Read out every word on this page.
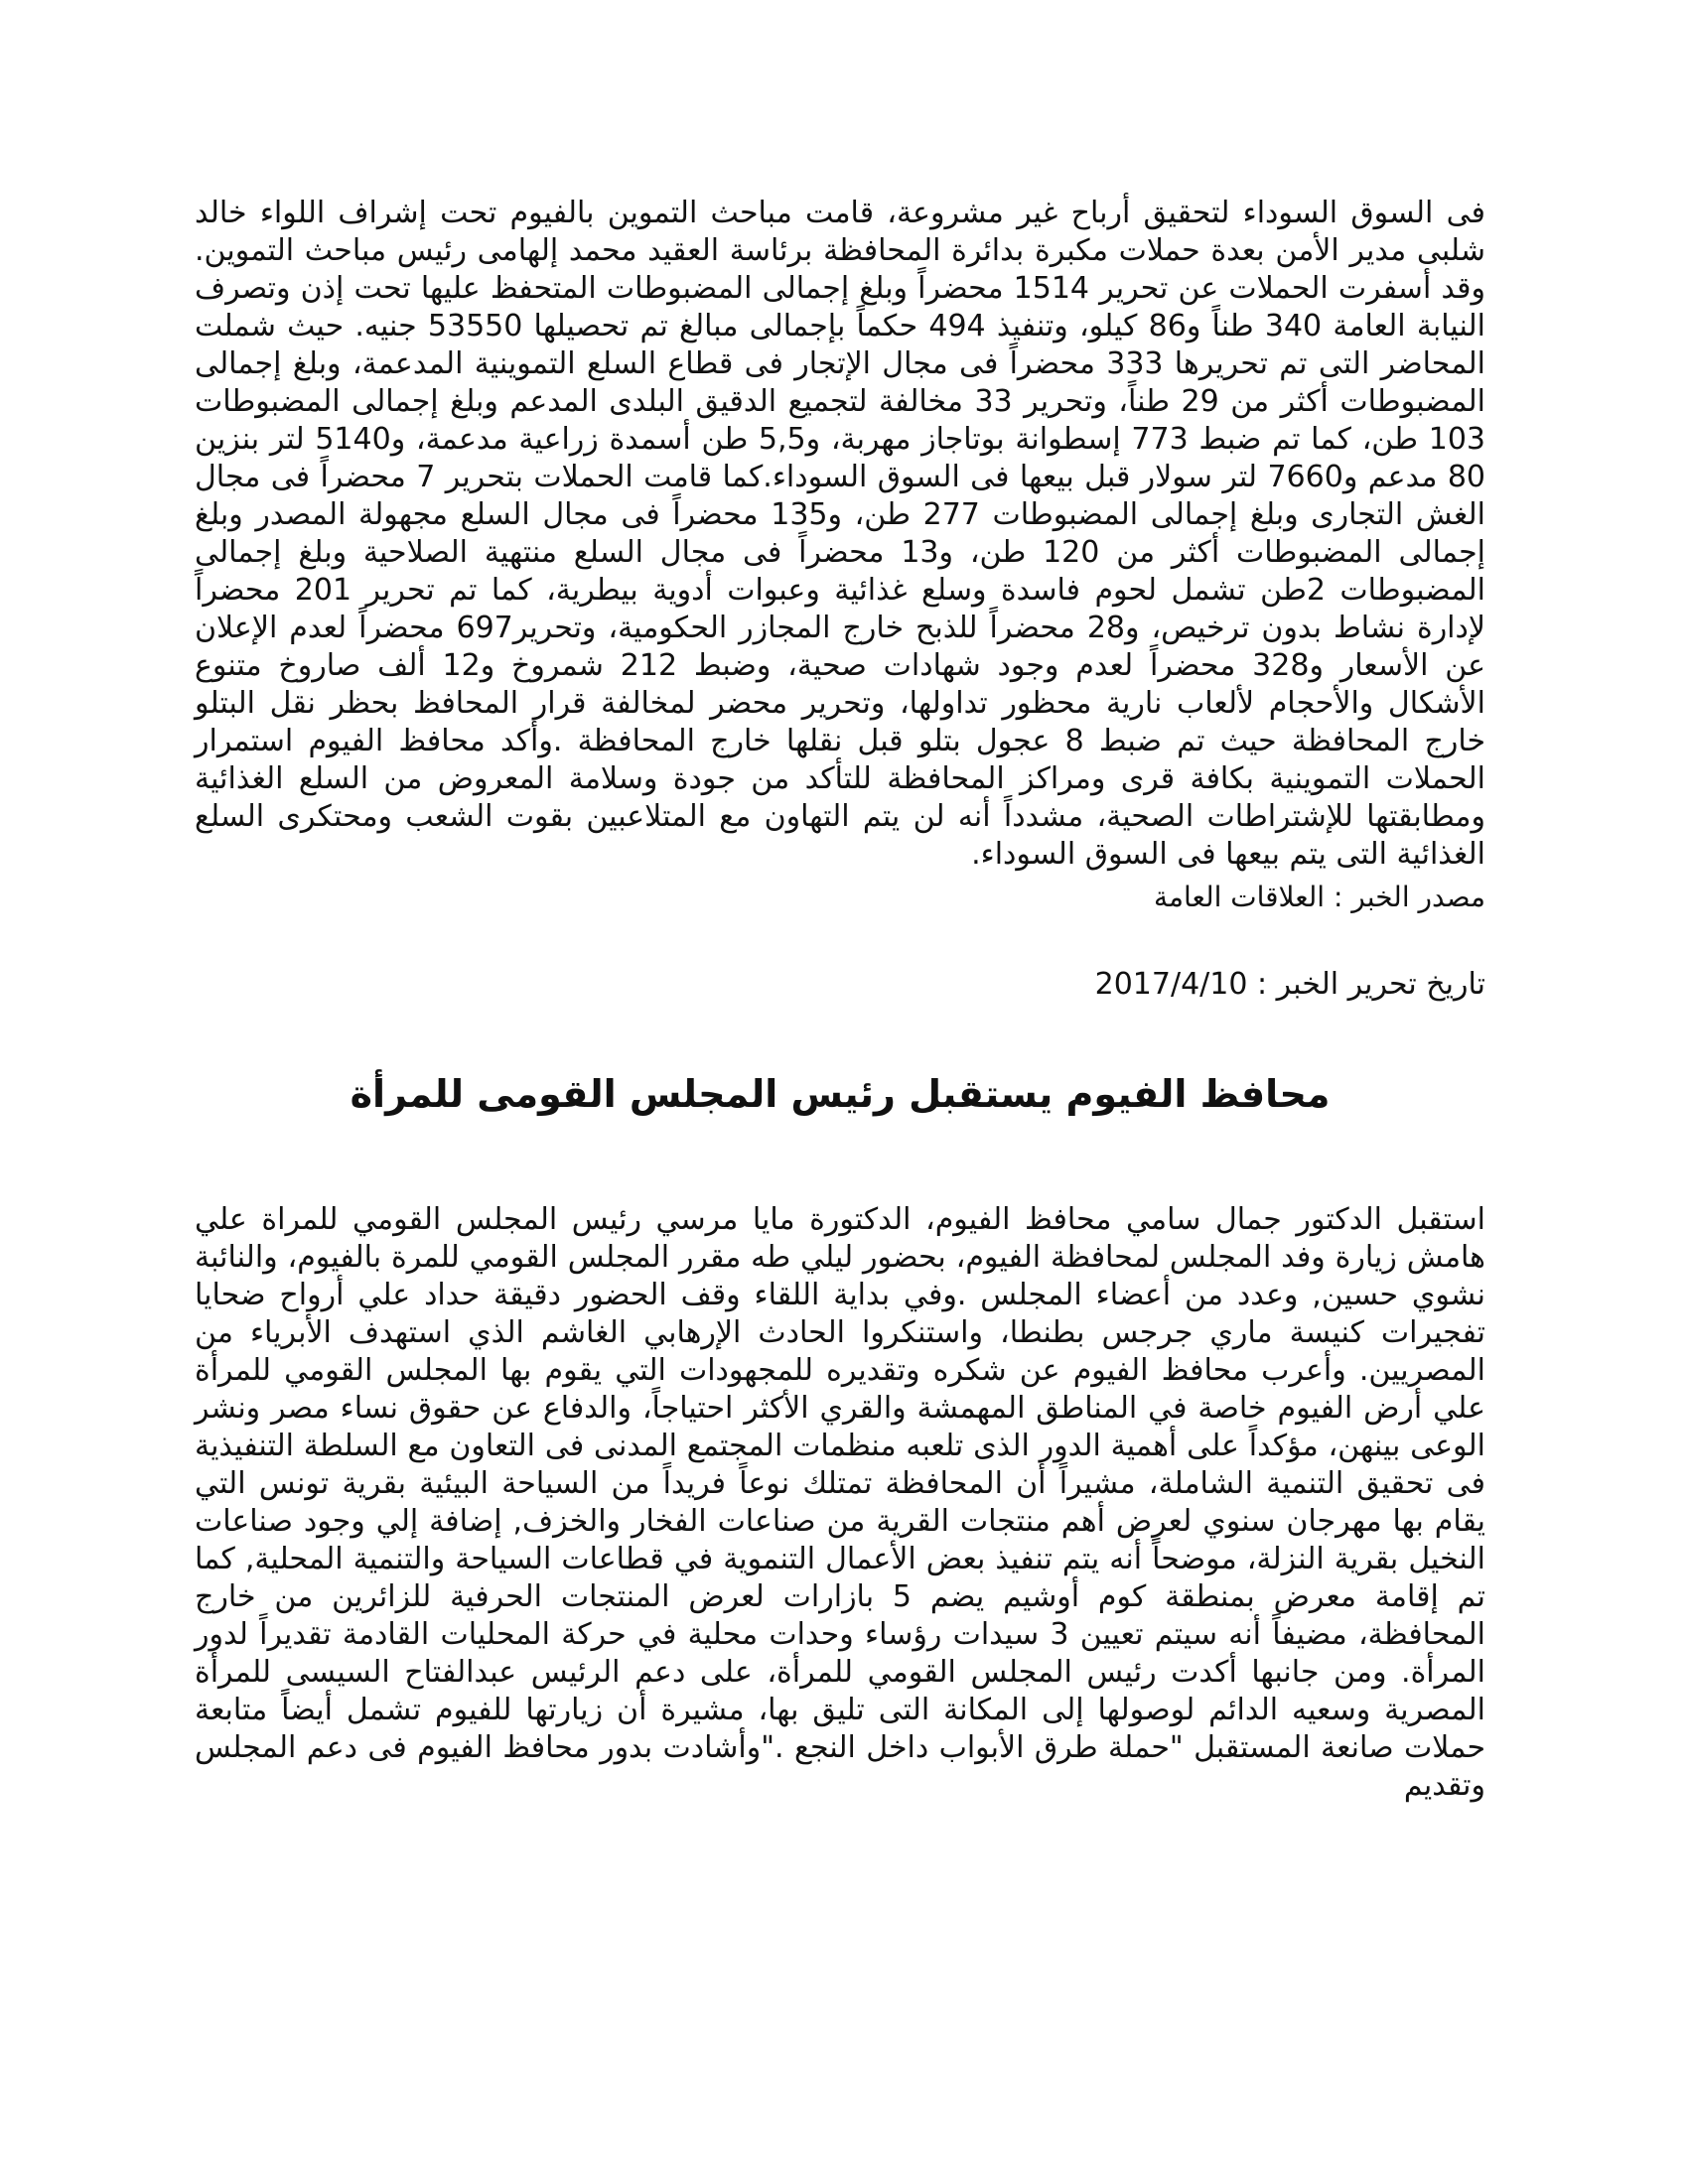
فى السوق السوداء لتحقيق أرباح غير مشروعة، قامت مباحث التموين بالفيوم تحت إشراف اللواء خالد شلبى مدير الأمن بعدة حملات مكبرة بدائرة المحافظة برئاسة العقيد محمد إلهامى رئيس مباحث التموين. وقد أسفرت الحملات عن تحرير 1514 محضراً وبلغ إجمالى المضبوطات المتحفظ عليها تحت إذن وتصرف النيابة العامة 340 طناً و86 كيلو، وتنفيذ 494 حكماً بإجمالى مبالغ تم تحصيلها 53550 جنيه. حيث شملت المحاضر التى تم تحريرها 333 محضراً فى مجال الإتجار فى قطاع السلع التموينية المدعمة، وبلغ إجمالى المضبوطات أكثر من 29 طناً، وتحرير 33 مخالفة لتجميع الدقيق البلدى المدعم وبلغ إجمالى المضبوطات 103 طن، كما تم ضبط 773 إسطوانة بوتاجاز مهربة، و5,5 طن أسمدة زراعية مدعمة، و5140 لتر بنزين 80 مدعم و7660 لتر سولار قبل بيعها فى السوق السوداء.كما قامت الحملات بتحرير 7 محضراً فى مجال الغش التجارى وبلغ إجمالى المضبوطات 277 طن، و135 محضراً فى مجال السلع مجهولة المصدر وبلغ إجمالى المضبوطات أكثر من 120 طن، و13 محضراً فى مجال السلع منتهية الصلاحية وبلغ إجمالى المضبوطات 2طن تشمل لحوم فاسدة وسلع غذائية وعبوات أدوية بيطرية، كما تم تحرير 201 محضراً لإدارة نشاط بدون ترخيص، و28 محضراً للذبح خارج المجازر الحكومية، وتحرير697 محضراً لعدم الإعلان عن الأسعار و328 محضراً لعدم وجود شهادات صحية، وضبط 212 شمروخ و12 ألف صاروخ متنوع الأشكال والأحجام لألعاب نارية محظور تداولها، وتحرير محضر لمخالفة قرار المحافظ بحظر نقل البتلو خارج المحافظة حيث تم ضبط 8 عجول بتلو قبل نقلها خارج المحافظة .وأكد محافظ الفيوم استمرار الحملات التموينية بكافة قرى ومراكز المحافظة للتأكد من جودة وسلامة المعروض من السلع الغذائية ومطابقتها للإشتراطات الصحية، مشدداً أنه لن يتم التهاون مع المتلاعبين بقوت الشعب ومحتكرى السلع الغذائية التى يتم بيعها فى السوق السوداء.

مصدر الخبر : العلاقات العامة
تاريخ تحرير الخبر : 2017/4/10
محافظ الفيوم يستقبل رئيس المجلس القومى للمرأة

استقبل الدكتور جمال سامي محافظ الفيوم، الدكتورة مايا مرسي رئيس المجلس القومي للمراة علي هامش زيارة وفد المجلس لمحافظة الفيوم، بحضور ليلي طه مقرر المجلس القومي للمرة بالفيوم، والنائبة نشوي حسين, وعدد من أعضاء المجلس .وفي بداية اللقاء وقف الحضور دقيقة حداد علي أرواح ضحايا تفجيرات كنيسة ماري جرجس بطنطا، واستنكروا الحادث الإرهابي الغاشم الذي استهدف الأبرياء من المصريين. وأعرب محافظ الفيوم عن شكره وتقديره للمجهودات التي يقوم بها المجلس القومي للمرأة علي أرض الفيوم خاصة في المناطق المهمشة والقري الأكثر احتياجاً، والدفاع عن حقوق نساء مصر ونشر الوعى بينهن، مؤكداً على أهمية الدور الذى تلعبه منظمات المجتمع المدنى فى التعاون مع السلطة التنفيذية فى تحقيق التنمية الشاملة، مشيراً أن المحافظة تمتلك نوعاً فريداً من السياحة البيئية بقرية تونس التي يقام بها مهرجان سنوي لعرض أهم منتجات القرية من صناعات الفخار والخزف, إضافة إلي وجود صناعات النخيل بقرية النزلة، موضحاً أنه يتم تنفيذ بعض الأعمال التنموية في قطاعات السياحة والتنمية المحلية, كما تم إقامة معرض بمنطقة كوم أوشيم يضم 5 بازارات لعرض المنتجات الحرفية للزائرين من خارج المحافظة، مضيفاً أنه سيتم تعيين 3 سيدات رؤساء وحدات محلية في حركة المحليات القادمة تقديراً لدور المرأة. ومن جانبها أكدت رئيس المجلس القومي للمرأة، على دعم الرئيس عبدالفتاح السيسى للمرأة المصرية وسعيه الدائم لوصولها إلى المكانة التى تليق بها، مشيرة أن زيارتها للفيوم تشمل أيضاً متابعة حملات صانعة المستقبل "حملة طرق الأبواب داخل النجع ."وأشادت بدور محافظ الفيوم فى دعم المجلس وتقديم
